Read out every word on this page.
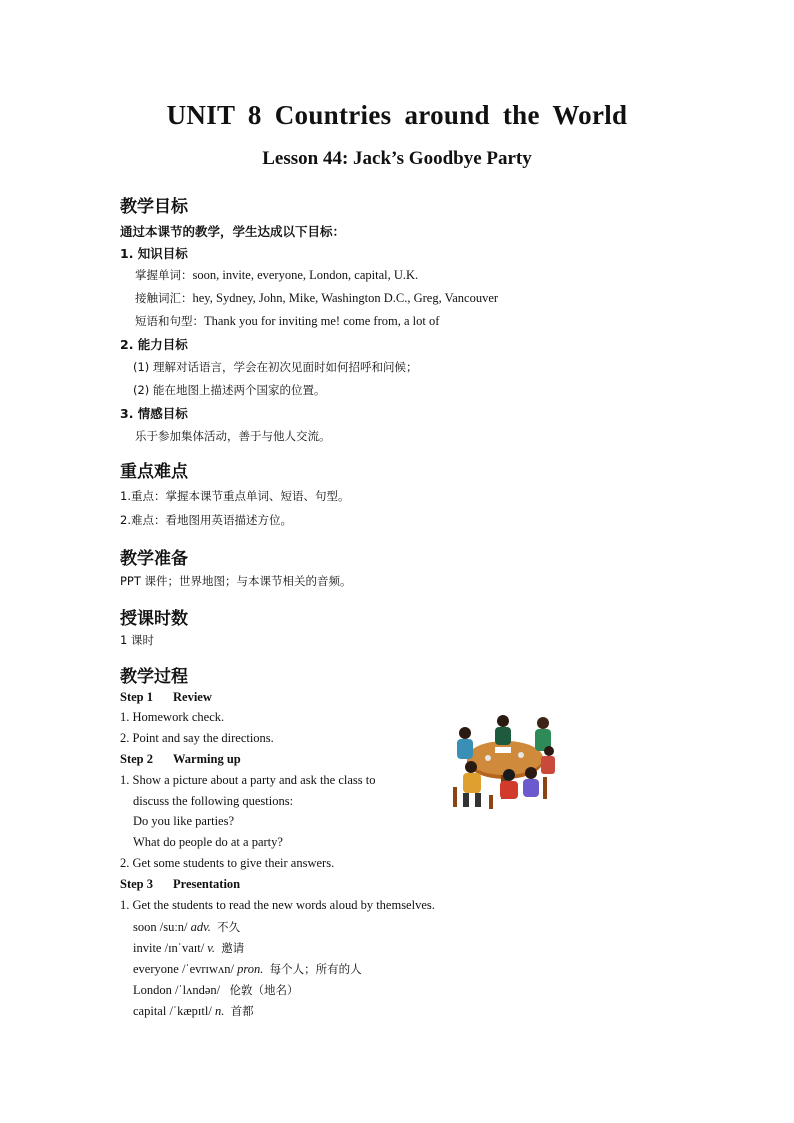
UNIT 8 Countries around the World
Lesson 44: Jack’s Goodbye Party
教学目标
通过本课节的教学，学生达成以下目标：
1. 知识目标
掌握单词：soon, invite, everyone, London, capital, U.K.
接触词汇：hey, Sydney, John, Mike, Washington D.C., Greg, Vancouver
短语和句型：Thank you for inviting me! come from, a lot of
2. 能力目标
(1) 理解对话语言，学会在初次见面时如何招呼和问候；
(2) 能在地图上描述两个国家的位置。
3. 情感目标
乐于参加集体活动，善于与他人交流。
重点难点
1.重点：掌握本课节重点单词、短语、句型。
2.难点：看地图用英语描述方位。
教学准备
PPT 课件；世界地图；与本课节相关的音频。
授课时数
1 课时
教学过程
Step 1 Review
1. Homework check.
2. Point and say the directions.
Step 2 Warming up
1. Show a picture about a party and ask the class to
discuss the following questions:
Do you like parties?
What do people do at a party?
2. Get some students to give their answers.
Step 3 Presentation
1. Get the students to read the new words aloud by themselves.
soon /suːn/ adv. 不久
invite /ɪnˈvaɪt/ v. 邀请
everyone /ˈevrɪwʌn/ pron. 每个人；所有的人
London /ˈlʌndən/ 伦敦（地名）
capital /ˈkæpɪtl/ n. 首都
